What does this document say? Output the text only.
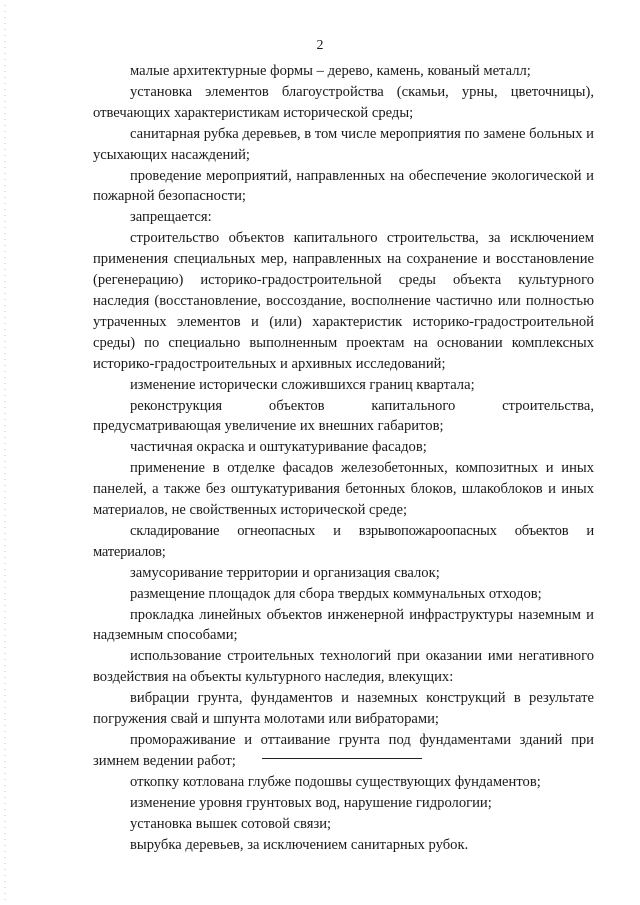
2

малые архитектурные формы – дерево, камень, кованый металл;

установка элементов благоустройства (скамьи, урны, цветочницы), отвечающих характеристикам исторической среды;

санитарная рубка деревьев, в том числе мероприятия по замене больных и усыхающих насаждений;

проведение мероприятий, направленных на обеспечение экологической и пожарной безопасности;

запрещается:

строительство объектов капитального строительства, за исключением применения специальных мер, направленных на сохранение и восстановление (регенерацию) историко-градостроительной среды объекта культурного наследия (восстановление, воссоздание, восполнение частично или полностью утраченных элементов и (или) характеристик историко-градостроительной среды) по специально выполненным проектам на основании комплексных историко-градостроительных и архивных исследований;

изменение исторически сложившихся границ квартала;

реконструкция объектов капитального строительства, предусматривающая увеличение их внешних габаритов;

частичная окраска и оштукатуривание фасадов;

применение в отделке фасадов железобетонных, композитных и иных панелей, а также без оштукатуривания бетонных блоков, шлакоблоков и иных материалов, не свойственных исторической среде;

складирование огнеопасных и взрывопожароопасных объектов и материалов;

замусоривание территории и организация свалок;

размещение площадок для сбора твердых коммунальных отходов;

прокладка линейных объектов инженерной инфраструктуры наземным и надземным способами;

использование строительных технологий при оказании ими негативного воздействия на объекты культурного наследия, влекущих:

вибрации грунта, фундаментов и наземных конструкций в результате погружения свай и шпунта молотами или вибраторами;

промораживание и оттаивание грунта под фундаментами зданий при зимнем ведении работ;

откопку котлована глубже подошвы существующих фундаментов;

изменение уровня грунтовых вод, нарушение гидрологии;

установка вышек сотовой связи;

вырубка деревьев, за исключением санитарных рубок.
